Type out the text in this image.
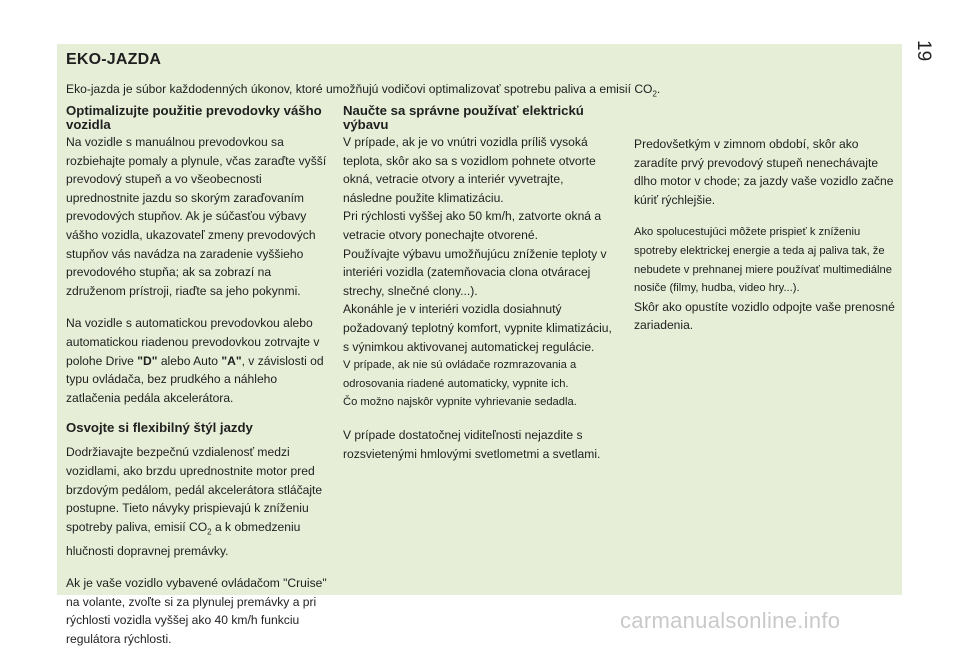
19
EKO-JAZDA
Eko-jazda je súbor každodenných úkonov, ktoré umožňujú vodičovi optimalizovať spotrebu paliva a emisií $CO_2$.
Optimalizujte použitie prevodovky vášho vozidla

Na vozidle s manuálnou prevodovkou sa rozbiehajte pomaly a plynule, včas zaraďte vyšší prevodový stupeň a vo všeobecnosti uprednostnite jazdu so skorým zaraďovaním prevodových stupňov. Ak je súčasťou výbavy vášho vozidla, ukazovateľ zmeny prevodových stupňov vás navádza na zaradenie vyššieho prevodového stupňa; ak sa zobrazí na združenom prístroji, riaďte sa jeho pokynmi.

Na vozidle s automatickou prevodovkou alebo automatickou riadenou prevodovkou zotrvajte v polohe Drive "D" alebo Auto "A", v závislosti od typu ovládača, bez prudkého a náhleho zatlačenia pedála akcelerátora.

Osvojte si flexibilný štýl jazdy

Dodržiavajte bezpečnú vzdialenosť medzi vozidlami, ako brzdu uprednostnite motor pred brzdovým pedálom, pedál akcelerátora stláčajte postupne. Tieto návyky prispievajú k zníženiu spotreby paliva, emisií $CO_2$ a k obmedzeniu hlučnosti dopravnej premávky.

Ak je vaše vozidlo vybavené ovládačom "Cruise" na volante, zvoľte si za plynulej premávky a pri rýchlosti vozidla vyššej ako 40 km/h funkciu regulátora rýchlosti.

Naučte sa správne používať elektrickú výbavu

V prípade, ak je vo vnútri vozidla príliš vysoká teplota, skôr ako sa s vozidlom pohnete otvorte okná, vetracie otvory a interiér vyvetrajte, následne použite klimatizáciu.

Pri rýchlosti vyššej ako 50 km/h, zatvorte okná a vetracie otvory ponechajte otvorené.

Používajte výbavu umožňujúcu zníženie teploty v interiéri vozidla (zatemňovacia clona otváracej strechy, slnečné clony...).

Akonáhle je v interiéri vozidla dosiahnutý požadovaný teplotný komfort, vypnite klimatizáciu, s výnimkou aktivovanej automatickej regulácie.

V prípade, ak nie sú ovládače rozmrazovania a odrosovania riadené automaticky, vypnite ich.

Čo možno najskôr vypnite vyhrievanie sedadla.

V prípade dostatočnej viditeľnosti nejazdite s rozsvietenými hmlovými svetlometmi a svetlami.

Predovšetkým v zimnom období, skôr ako zaradíte prvý prevodový stupeň nenechávajte dlho motor v chode; za jazdy vaše vozidlo začne kúriť rýchlejšie.

Ako spolucestujúci môžete prispieť k zníženiu spotreby elektrickej energie a teda aj paliva tak, že nebudete v prehnanej miere používať multimediálne nosiče (filmy, hudba, video hry...).

Skôr ako opustíte vozidlo odpojte vaše prenosné zariadenia.

carmanualsonline.info
